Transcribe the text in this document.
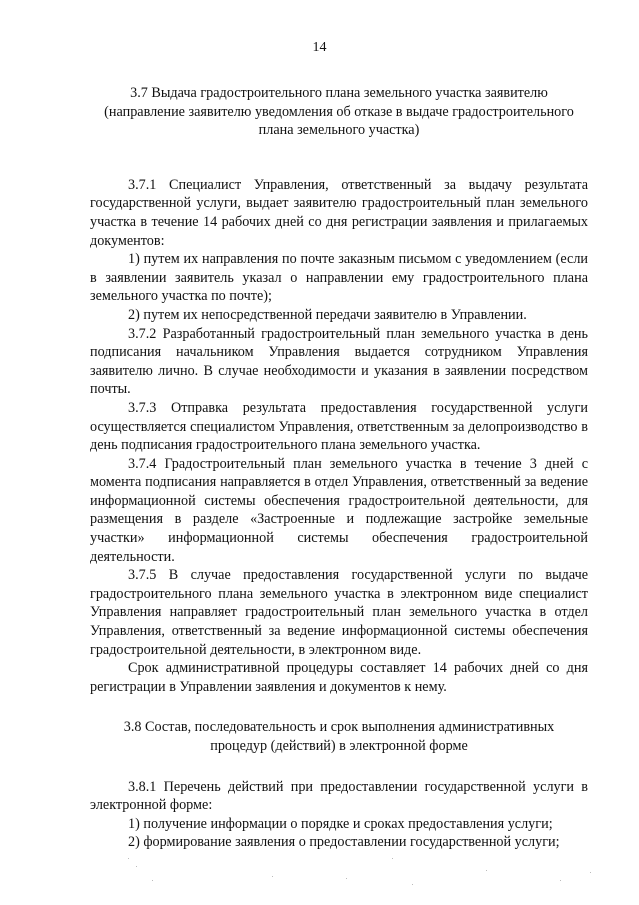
14
3.7 Выдача градостроительного плана земельного участка заявителю (направление заявителю уведомления об отказе в выдаче градостроительного плана земельного участка)

3.7.1 Специалист Управления, ответственный за выдачу результата государственной услуги, выдает заявителю градостроительный план земельного участка в течение 14 рабочих дней со дня регистрации заявления и прилагаемых документов:

1) путем их направления по почте заказным письмом с уведомлением (если в заявлении заявитель указал о направлении ему градостроительного плана земельного участка по почте);

2) путем их непосредственной передачи заявителю в Управлении.

3.7.2 Разработанный градостроительный план земельного участка в день подписания начальником Управления выдается сотрудником Управления заявителю лично. В случае необходимости и указания в заявлении посредством почты.

3.7.3 Отправка результата предоставления государственной услуги осуществляется специалистом Управления, ответственным за делопроизводство в день подписания градостроительного плана земельного участка.

3.7.4 Градостроительный план земельного участка в течение 3 дней с момента подписания направляется в отдел Управления, ответственный за ведение информационной системы обеспечения градостроительной деятельности, для размещения в разделе «Застроенные и подлежащие застройке земельные участки» информационной системы обеспечения градостроительной деятельности.

3.7.5 В случае предоставления государственной услуги по выдаче градостроительного плана земельного участка в электронном виде специалист Управления направляет градостроительный план земельного участка в отдел Управления, ответственный за ведение информационной системы обеспечения градостроительной деятельности, в электронном виде.

Срок административной процедуры составляет 14 рабочих дней со дня регистрации в Управлении заявления и документов к нему.

3.8 Состав, последовательность и срок выполнения административных процедур (действий) в электронной форме

3.8.1 Перечень действий при предоставлении государственной услуги в электронной форме:

1) получение информации о порядке и сроках предоставления услуги;

2) формирование заявления о предоставлении государственной услуги;
